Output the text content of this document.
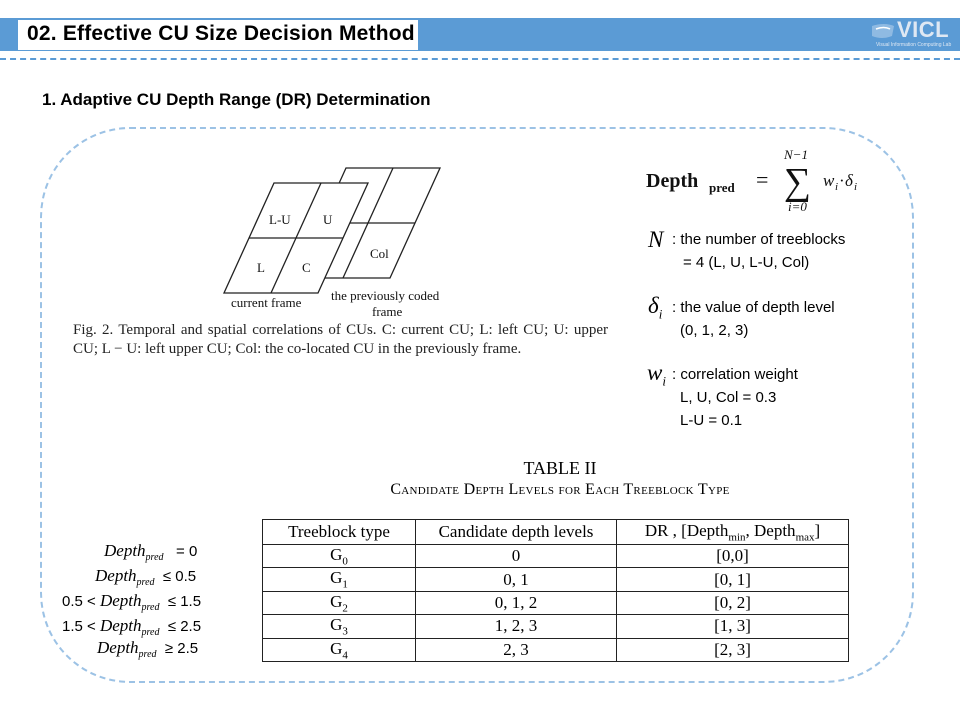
02. Effective CU Size Decision Method	VICL
Visual Information Computing Lab
1. Adaptive CU Depth Range (DR) Determination
L-U U
L	C
Col
current frame the previously coded
frame
Fig. 2. Temporal and spatial correlations of CUs. C: current CU; L: left CU; U: upper CU; L − U: left upper CU; Col: the co-located CU in the previously frame.
Depth pred =
N−1
∑
i=0
w i · δ i
N : the number of treeblocks
= 4 (L, U, L-U, Col)
$\delta_i$ : the value of depth level
(0, 1, 2, 3)
$w_i$ : correlation weight
L, U, Col = 0.3
L-U = 0.1
TABLE II
Candidate Depth Levels for Each Treeblock Type
Treeblock type	Candidate depth levels	DR , [Depth$_{min}$, Depth$_{max}$]
$G_0$	0	[0,0]
$G_1$	0, 1	[0, 1]
$G_2$	0, 1, 2	[0, 2]
$G_3$	1, 2, 3	[1, 3]
$G_4$	2, 3	[2, 3]
Depth$_{pred}$ = 0
Depth$_{pred}$ ≤ 0.5
0.5 < Depth$_{pred}$ ≤ 1.5
1.5 < Depth$_{pred}$ ≤ 2.5
Depth$_{pred}$ ≥ 2.5
